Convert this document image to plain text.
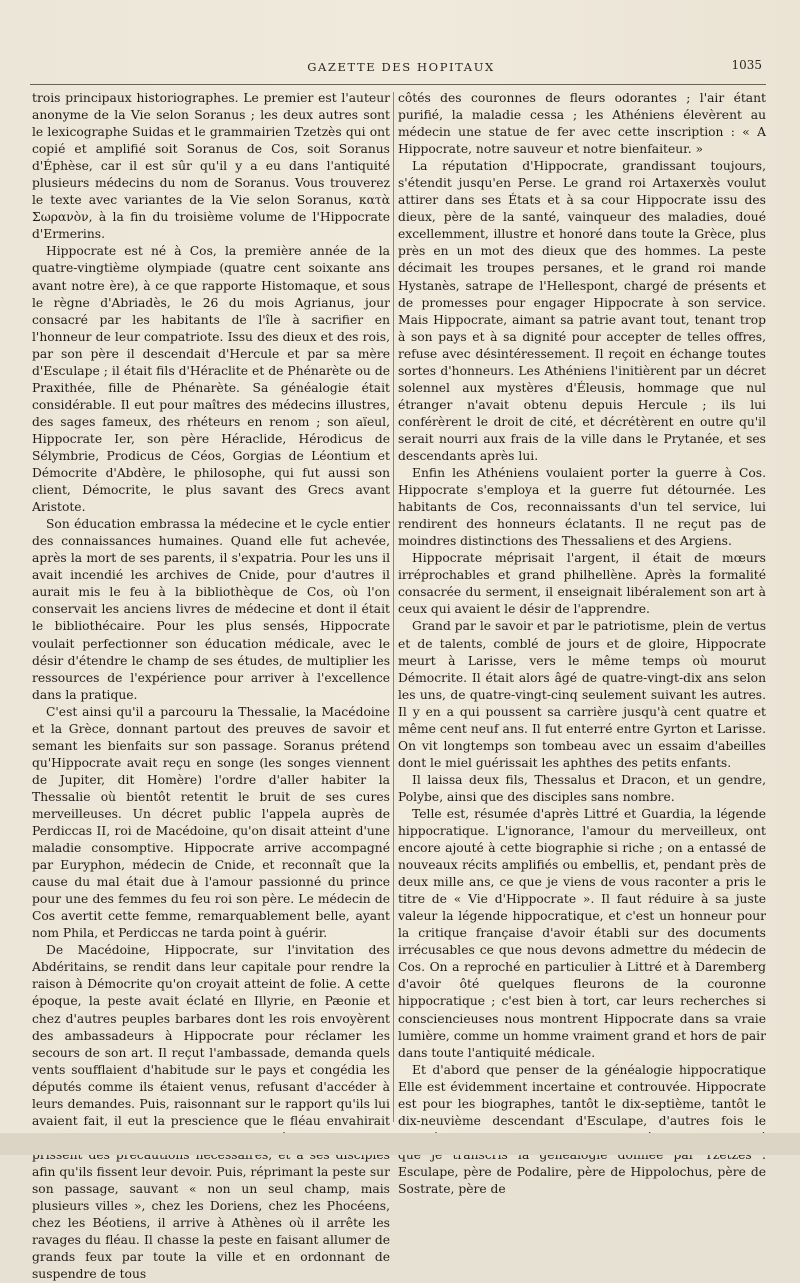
GAZETTE DES HOPITAUX	1035

trois principaux historiographes. Le premier est l'auteur anonyme de la Vie selon Soranus ; les deux autres sont le lexicographe Suidas et le grammairien Tzetzès qui ont copié et amplifié soit Soranus de Cos, soit Soranus d'Éphèse, car il est sûr qu'il y a eu dans l'antiquité plusieurs médecins du nom de Soranus. Vous trouverez le texte avec variantes de la Vie selon Soranus, κατὰ Σωρανὸν, à la fin du troisième volume de l'Hippocrate d'Ermerins.

Hippocrate est né à Cos, la première année de la quatre-vingtième olympiade (quatre cent soixante ans avant notre ère), à ce que rapporte Histomaque, et sous le règne d'Abriadès, le 26 du mois Agrianus, jour consacré par les habitants de l'île à sacrifier en l'honneur de leur compatriote. Issu des dieux et des rois, par son père il descendait d'Hercule et par sa mère d'Esculape ; il était fils d'Héraclite et de Phénarète ou de Praxithée, fille de Phénarète. Sa généalogie était considérable. Il eut pour maîtres des médecins illustres, des sages fameux, des rhéteurs en renom ; son aïeul, Hippocrate Ier, son père Héraclide, Hérodicus de Sélymbrie, Prodicus de Céos, Gorgias de Léontium et Démocrite d'Abdère, le philosophe, qui fut aussi son client, Démocrite, le plus savant des Grecs avant Aristote.

Son éducation embrassa la médecine et le cycle entier des connaissances humaines. Quand elle fut achevée, après la mort de ses parents, il s'expatria. Pour les uns il avait incendié les archives de Cnide, pour d'autres il aurait mis le feu à la bibliothèque de Cos, où l'on conservait les anciens livres de médecine et dont il était le bibliothécaire. Pour les plus sensés, Hippocrate voulait perfectionner son éducation médicale, avec le désir d'étendre le champ de ses études, de multiplier les ressources de l'expérience pour arriver à l'excellence dans la pratique.

C'est ainsi qu'il a parcouru la Thessalie, la Macédoine et la Grèce, donnant partout des preuves de savoir et semant les bienfaits sur son passage. Soranus prétend qu'Hippocrate avait reçu en songe (les songes viennent de Jupiter, dit Homère) l'ordre d'aller habiter la Thessalie où bientôt retentit le bruit de ses cures merveilleuses. Un décret public l'appela auprès de Perdiccas II, roi de Macédoine, qu'on disait atteint d'une maladie consomptive. Hippocrate arrive accompagné par Euryphon, médecin de Cnide, et reconnaît que la cause du mal était due à l'amour passionné du prince pour une des femmes du feu roi son père. Le médecin de Cos avertit cette femme, remarquablement belle, ayant nom Phila, et Perdiccas ne tarda point à guérir.

De Macédoine, Hippocrate, sur l'invitation des Abdéritains, se rendit dans leur capitale pour rendre la raison à Démocrite qu'on croyait atteint de folie. A cette époque, la peste avait éclaté en Illyrie, en Pæonie et chez d'autres peuples barbares dont les rois envoyèrent des ambassadeurs à Hippocrate pour réclamer les secours de son art. Il reçut l'ambassade, demanda quels vents soufflaient d'habitude sur le pays et congédia les députés comme ils étaient venus, refusant d'accéder à leurs demandes. Puis, raisonnant sur le rapport qu'ils lui avaient fait, il eut la prescience que le fléau envahirait afin qu'ils fissent leur devoir. Puis, réprimant la peste sur son passage, sauvant « non un seul champ, mais plusieurs villes », chez les Doriens, chez les Phocéens, chez les Béotiens, il arrive à Athènes où il arrête les ravages du fléau. Il chasse la peste en faisant allumer de grands feux par toute la ville et en ordonnant de suspendre de tous

côtés des couronnes de fleurs odorantes ; l'air étant purifié, la maladie cessa ; les Athéniens élevèrent au médecin une statue de fer avec cette inscription : « A Hippocrate, notre sauveur et notre bienfaiteur. »

La réputation d'Hippocrate, grandissant toujours, s'étendit jusqu'en Perse. Le grand roi Artaxerxès voulut attirer dans ses États et à sa cour Hippocrate issu des dieux, père de la santé, vainqueur des maladies, doué excellemment, illustre et honoré dans toute la Grèce, plus près en un mot des dieux que des hommes. La peste décimait les troupes persanes, et le grand roi mande Hystanès, satrape de l'Hellespont, chargé de présents et de promesses pour engager Hippocrate à son service. Mais Hippocrate, aimant sa patrie avant tout, tenant trop à son pays et à sa dignité pour accepter de telles offres, refuse avec désintéressement. Il reçoit en échange toutes sortes d'honneurs. Les Athéniens l'initièrent par un décret solennel aux mystères d'Éleusis, hommage que nul étranger n'avait obtenu depuis Hercule ; ils lui conférèrent le droit de cité, et décrétèrent en outre qu'il serait nourri aux frais de la ville dans le Prytanée, et ses descendants après lui.

Enfin les Athéniens voulaient porter la guerre à Cos. Hippocrate s'employa et la guerre fut détournée. Les habitants de Cos, reconnaissants d'un tel service, lui rendirent des honneurs éclatants. Il ne reçut pas de moindres distinctions des Thessaliens et des Argiens.

Hippocrate méprisait l'argent, il était de mœurs irréprochables et grand philhellène. Après la formalité consacrée du serment, il enseignait libéralement son art à ceux qui avaient le désir de l'apprendre.

Grand par le savoir et par le patriotisme, plein de vertus et de talents, comblé de jours et de gloire, Hippocrate meurt à Larisse, vers le même temps où mourut Démocrite. Il était alors âgé de quatre-vingt-dix ans selon les uns, de quatre-vingt-cinq seulement suivant les autres. Il y en a qui poussent sa carrière jusqu'à cent quatre et même cent neuf ans. Il fut enterré entre Gyrton et Larisse. On vit longtemps son tombeau avec un essaim d'abeilles dont le miel guérissait les aphthes des petits enfants.

Il laissa deux fils, Thessalus et Dracon, et un gendre, Polybe, ainsi que des disciples sans nombre.

Telle est, résumée d'après Littré et Guardia, la légende hippocratique. L'ignorance, l'amour du merveilleux, ont encore ajouté à cette biographie si riche ; on a entassé de nouveaux récits amplifiés ou embellis, et, pendant près de deux mille ans, ce que je viens de vous raconter a pris le titre de « Vie d'Hippocrate ». Il faut réduire à sa juste valeur la légende hippocratique, et c'est un honneur pour la critique française d'avoir établi sur des documents irrécusables ce que nous devons admettre du médecin de Cos. On a reproché en particulier à Littré et à Daremberg d'avoir ôté quelques fleurons de la couronne hippocratique ; c'est bien à tort, car leurs recherches si consciencieuses nous montrent Hippocrate dans sa vraie lumière, comme un homme vraiment grand et hors de pair dans toute l'antiquité médicale.

Et d'abord que penser de la généalogie hippocratique Elle est évidemment incertaine et controuvée. Hippocrate est pour les biographes, tantôt le dix-septième, tantôt le dix-neuvième descendant d'Esculape, d'autres fois le Esculape, père de Podalire, père de Hippolochus, père de Sostrate, père de
